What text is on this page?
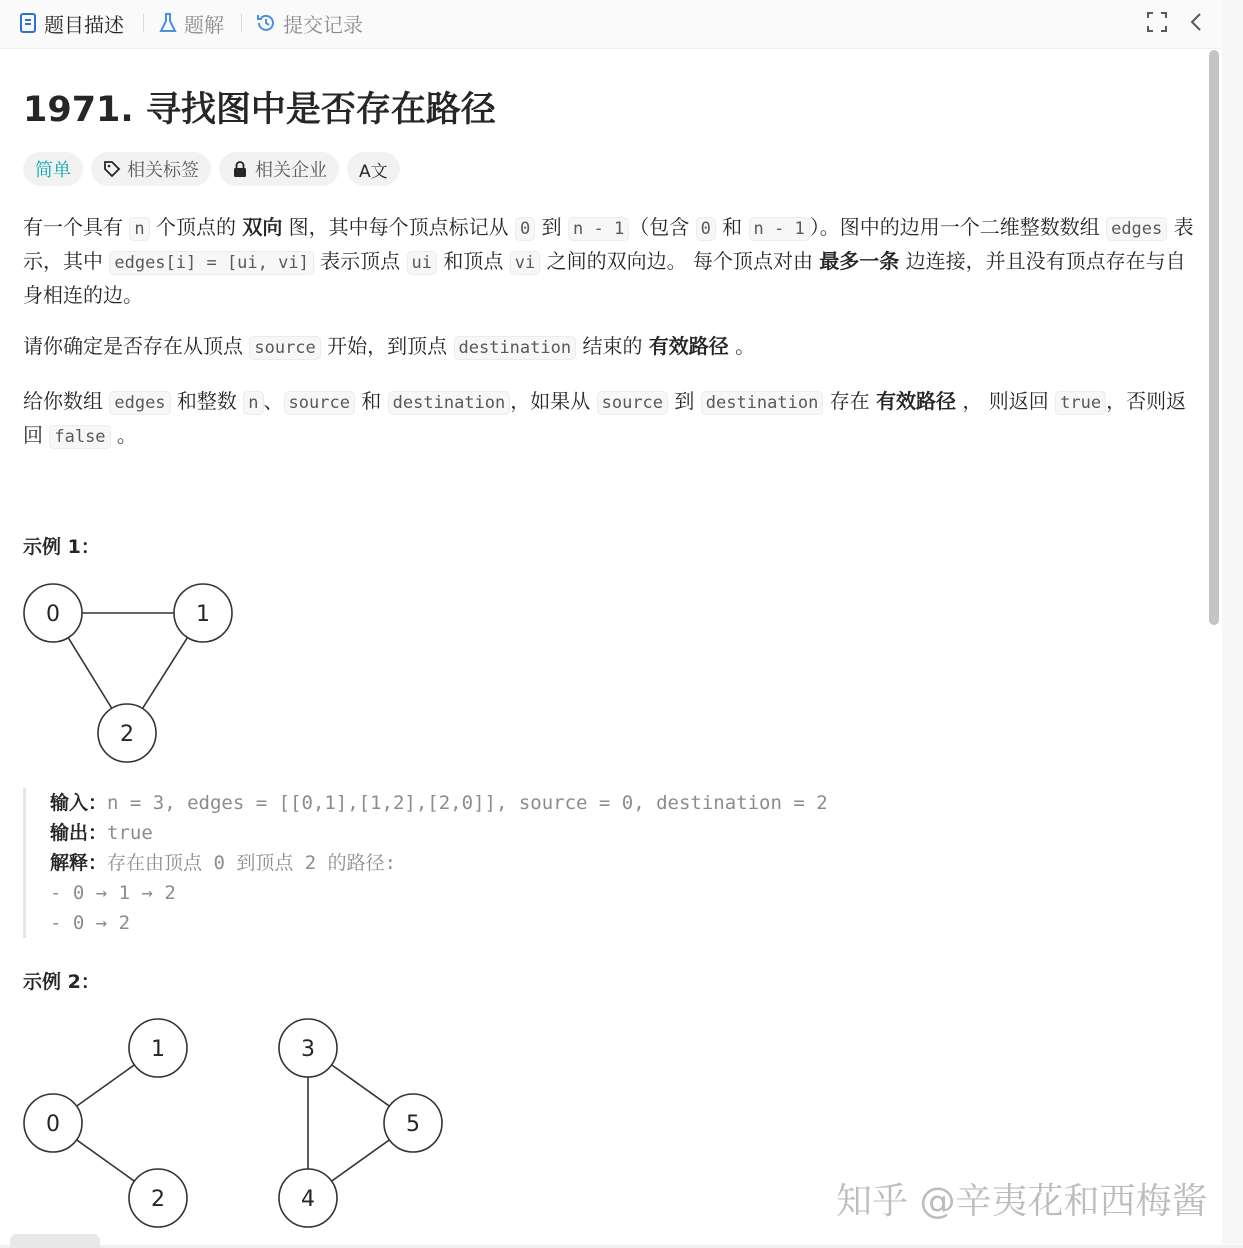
题目描述	题解	提交记录
1971. 寻找图中是否存在路径
简单	相关标签	相关企业 A文

有一个具有 n 个顶点的 双向 图，其中每个顶点标记从 0 到 n - 1 （包含 0 和 n - 1 ）。图中的边用一个二维整数数组 edges 表示，其中 edges[i] = [ui, vi] 表示顶点 ui 和顶点 vi 之间的双向边。 每个顶点对由 最多一条 边连接，并且没有顶点存在与自身相连的边。

请你确定是否存在从顶点 source 开始，到顶点 destination 结束的 有效路径 。

给你数组 edges 和整数 n 、 source 和 destination ，如果从 source 到 destination 存在 有效路径 ， 则返回 true ，否则返回 false 。

示例 1：
0	1
2
输入：n = 3, edges = [[0,1],[1,2],[2,0]], source = 0, destination = 2
输出：true
解释：存在由顶点 0 到顶点 2 的路径:
- 0 → 1 → 2
- 0 → 2
示例 2：
0
1
2
3
4
5
知乎 @辛夷花和西梅酱
